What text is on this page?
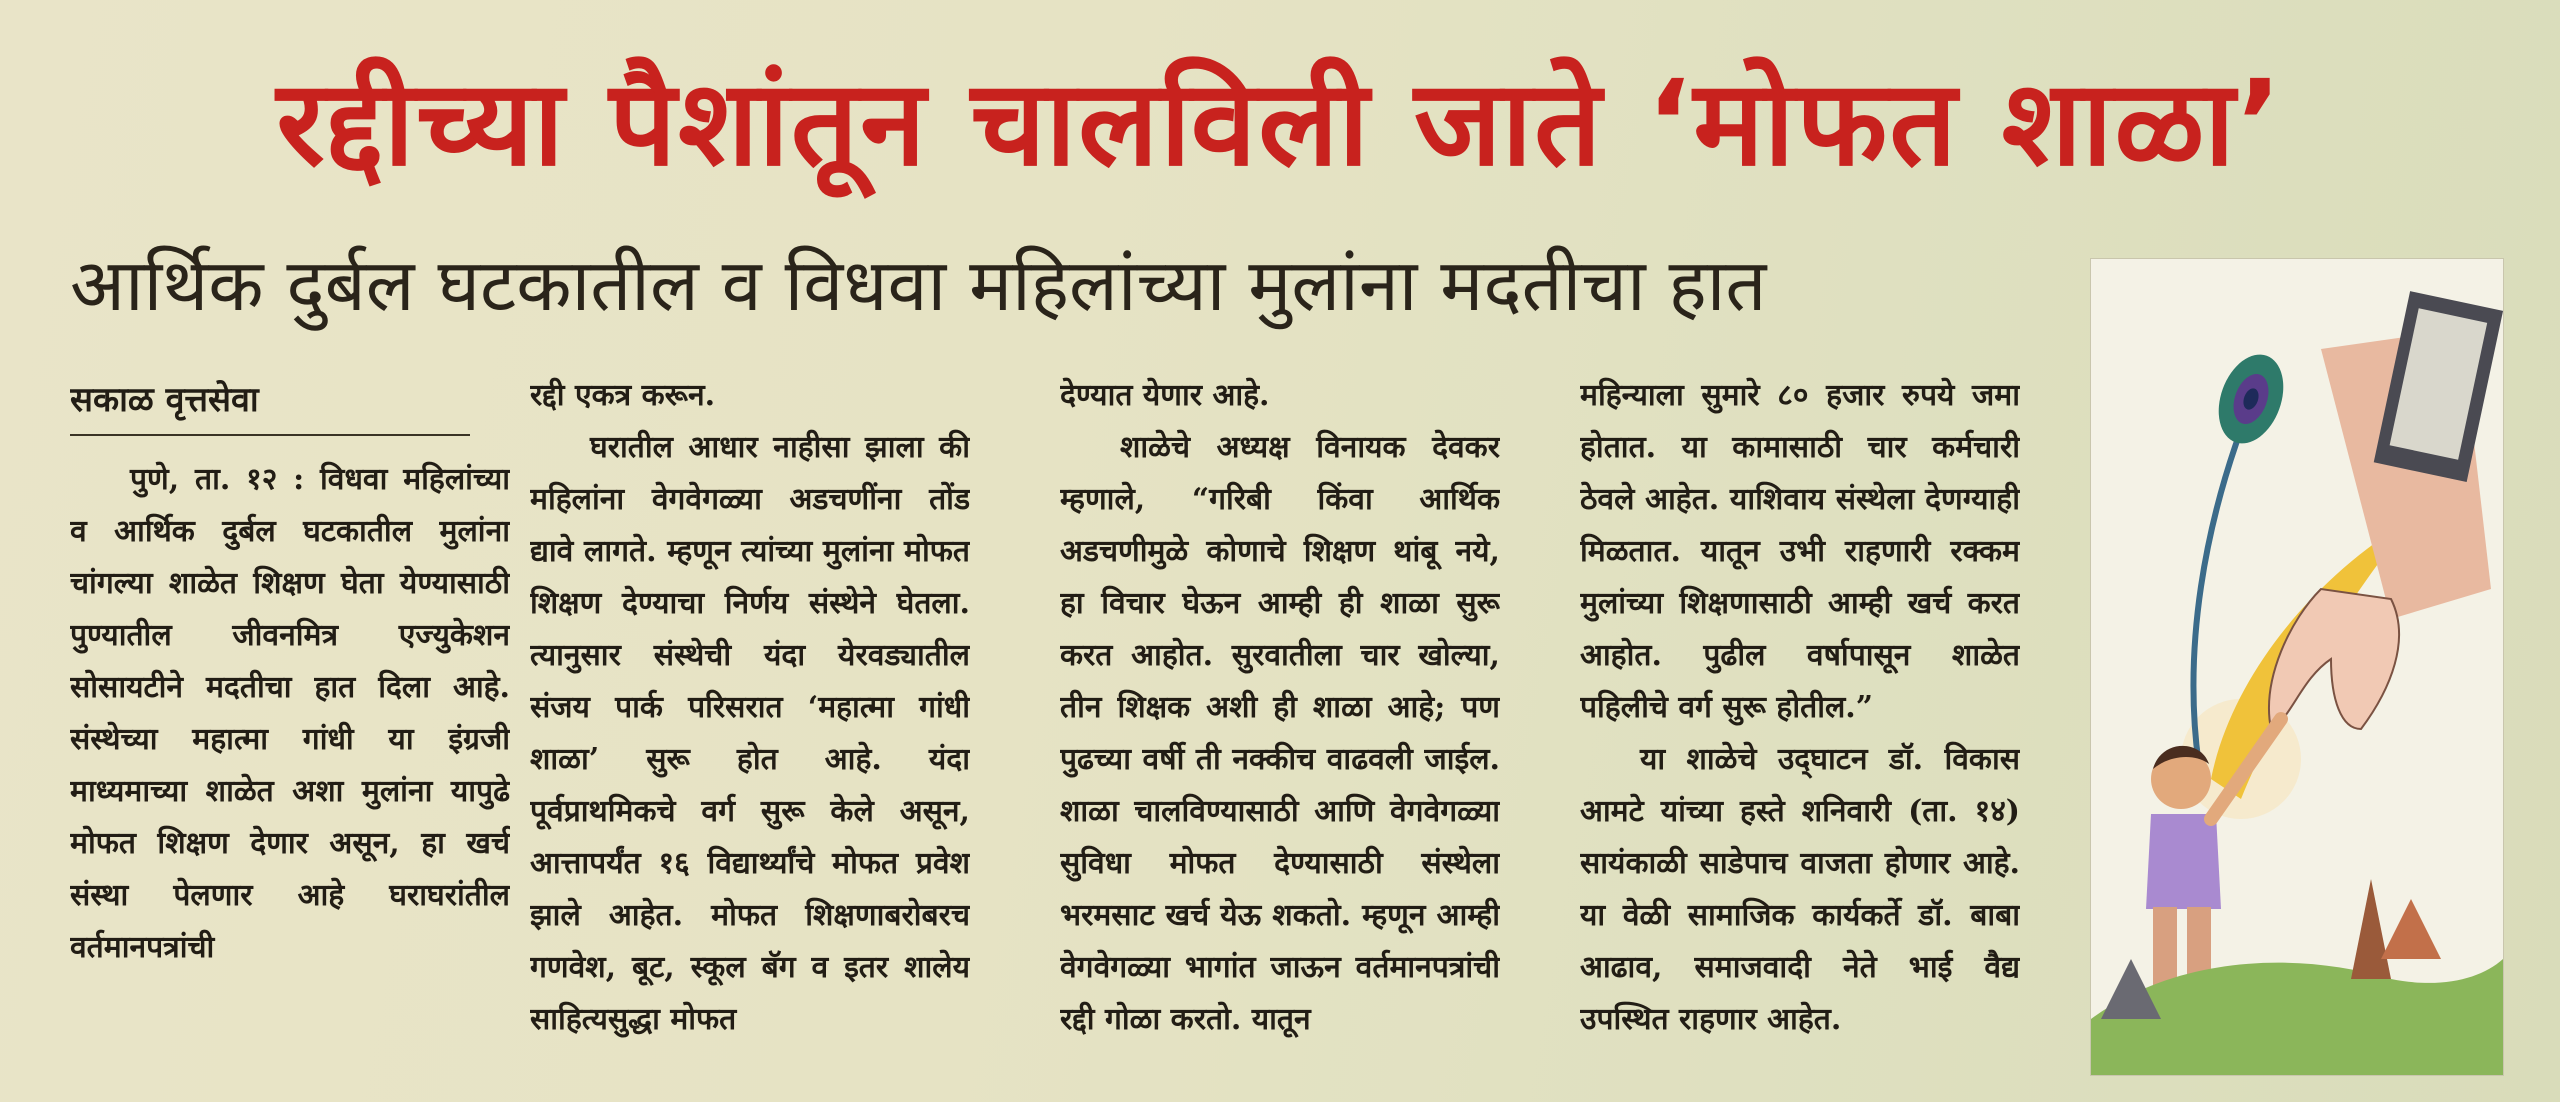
रद्दीच्या पैशांतून चालविली जाते ‘मोफत शाळा’
आर्थिक दुर्बल घटकातील व विधवा महिलांच्या मुलांना मदतीचा हात
सकाळ वृत्तसेवा

पुणे, ता. १२ : विधवा महिलांच्या व आर्थिक दुर्बल घटकातील मुलांना चांगल्या शाळेत शिक्षण घेता येण्यासाठी पुण्यातील जीवनमित्र एज्युकेशन सोसायटीने मदतीचा हात दिला आहे. संस्थेच्या महात्मा गांधी या इंग्रजी माध्यमाच्या शाळेत अशा मुलांना यापुढे मोफत शिक्षण देणार असून, हा खर्च संस्था पेलणार आहे घराघरांतील वर्तमानपत्रांची

रद्दी एकत्र करून.

घरातील आधार नाहीसा झाला की महिलांना वेगवेगळ्या अडचणींना तोंड द्यावे लागते. म्हणून त्यांच्या मुलांना मोफत शिक्षण देण्याचा निर्णय संस्थेने घेतला. त्यानुसार संस्थेची यंदा येरवड्यातील संजय पार्क परिसरात ‘महात्मा गांधी शाळा’ सुरू होत आहे. यंदा पूर्वप्राथमिकचे वर्ग सुरू केले असून, आत्तापर्यंत १६ विद्यार्थ्यांचे मोफत प्रवेश झाले आहेत. मोफत शिक्षणाबरोबरच गणवेश, बूट, स्कूल बॅग व इतर शालेय साहित्यसुद्धा मोफत

देण्यात येणार आहे.

शाळेचे अध्यक्ष विनायक देवकर म्हणाले, “गरिबी किंवा आर्थिक अडचणीमुळे कोणाचे शिक्षण थांबू नये, हा विचार घेऊन आम्ही ही शाळा सुरू करत आहोत. सुरवातीला चार खोल्या, तीन शिक्षक अशी ही शाळा आहे; पण पुढच्या वर्षी ती नक्कीच वाढवली जाईल. शाळा चालविण्यासाठी आणि वेगवेगळ्या सुविधा मोफत देण्यासाठी संस्थेला भरमसाट खर्च येऊ शकतो. म्हणून आम्ही वेगवेगळ्या भागांत जाऊन वर्तमानपत्रांची रद्दी गोळा करतो. यातून

महिन्याला सुमारे ८० हजार रुपये जमा होतात. या कामासाठी चार कर्मचारी ठेवले आहेत. याशिवाय संस्थेला देणग्याही मिळतात. यातून उभी राहणारी रक्कम मुलांच्या शिक्षणासाठी आम्ही खर्च करत आहोत. पुढील वर्षापासून शाळेत पहिलीचे वर्ग सुरू होतील.”

या शाळेचे उद्‌घाटन डॉ. विकास आमटे यांच्या हस्ते शनिवारी (ता. १४) सायंकाळी साडेपाच वाजता होणार आहे. या वेळी सामाजिक कार्यकर्ते डॉ. बाबा आढाव, समाजवादी नेते भाई वैद्य उपस्थित राहणार आहेत.
